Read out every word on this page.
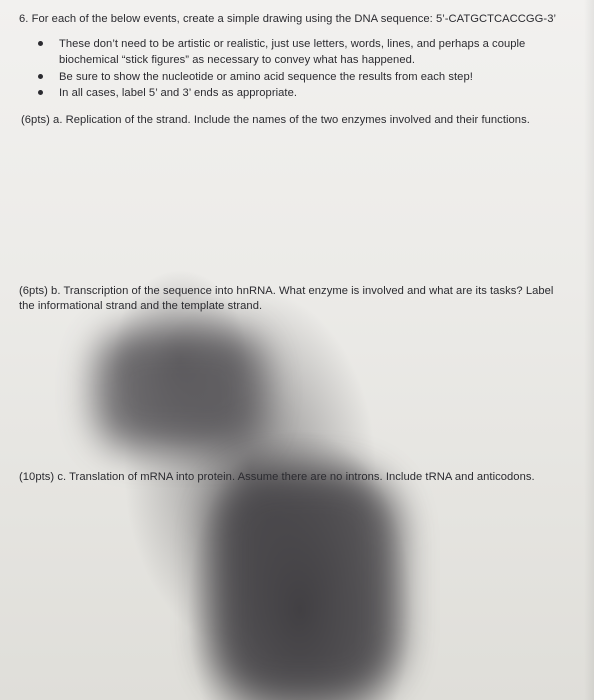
6. For each of the below events, create a simple drawing using the DNA sequence: 5’-CATGCTCACCGG-3’
These don’t need to be artistic or realistic, just use letters, words, lines, and perhaps a couple
biochemical “stick figures” as necessary to convey what has happened.
Be sure to show the nucleotide or amino acid sequence the results from each step!
In all cases, label 5’ and 3’ ends as appropriate.
(6pts) a. Replication of the strand. Include the names of the two enzymes involved and their functions.
(6pts) b. Transcription of the sequence into hnRNA. What enzyme is involved and what are its tasks? Label
the informational strand and the template strand.
(10pts) c. Translation of mRNA into protein. Assume there are no introns. Include tRNA and anticodons.
